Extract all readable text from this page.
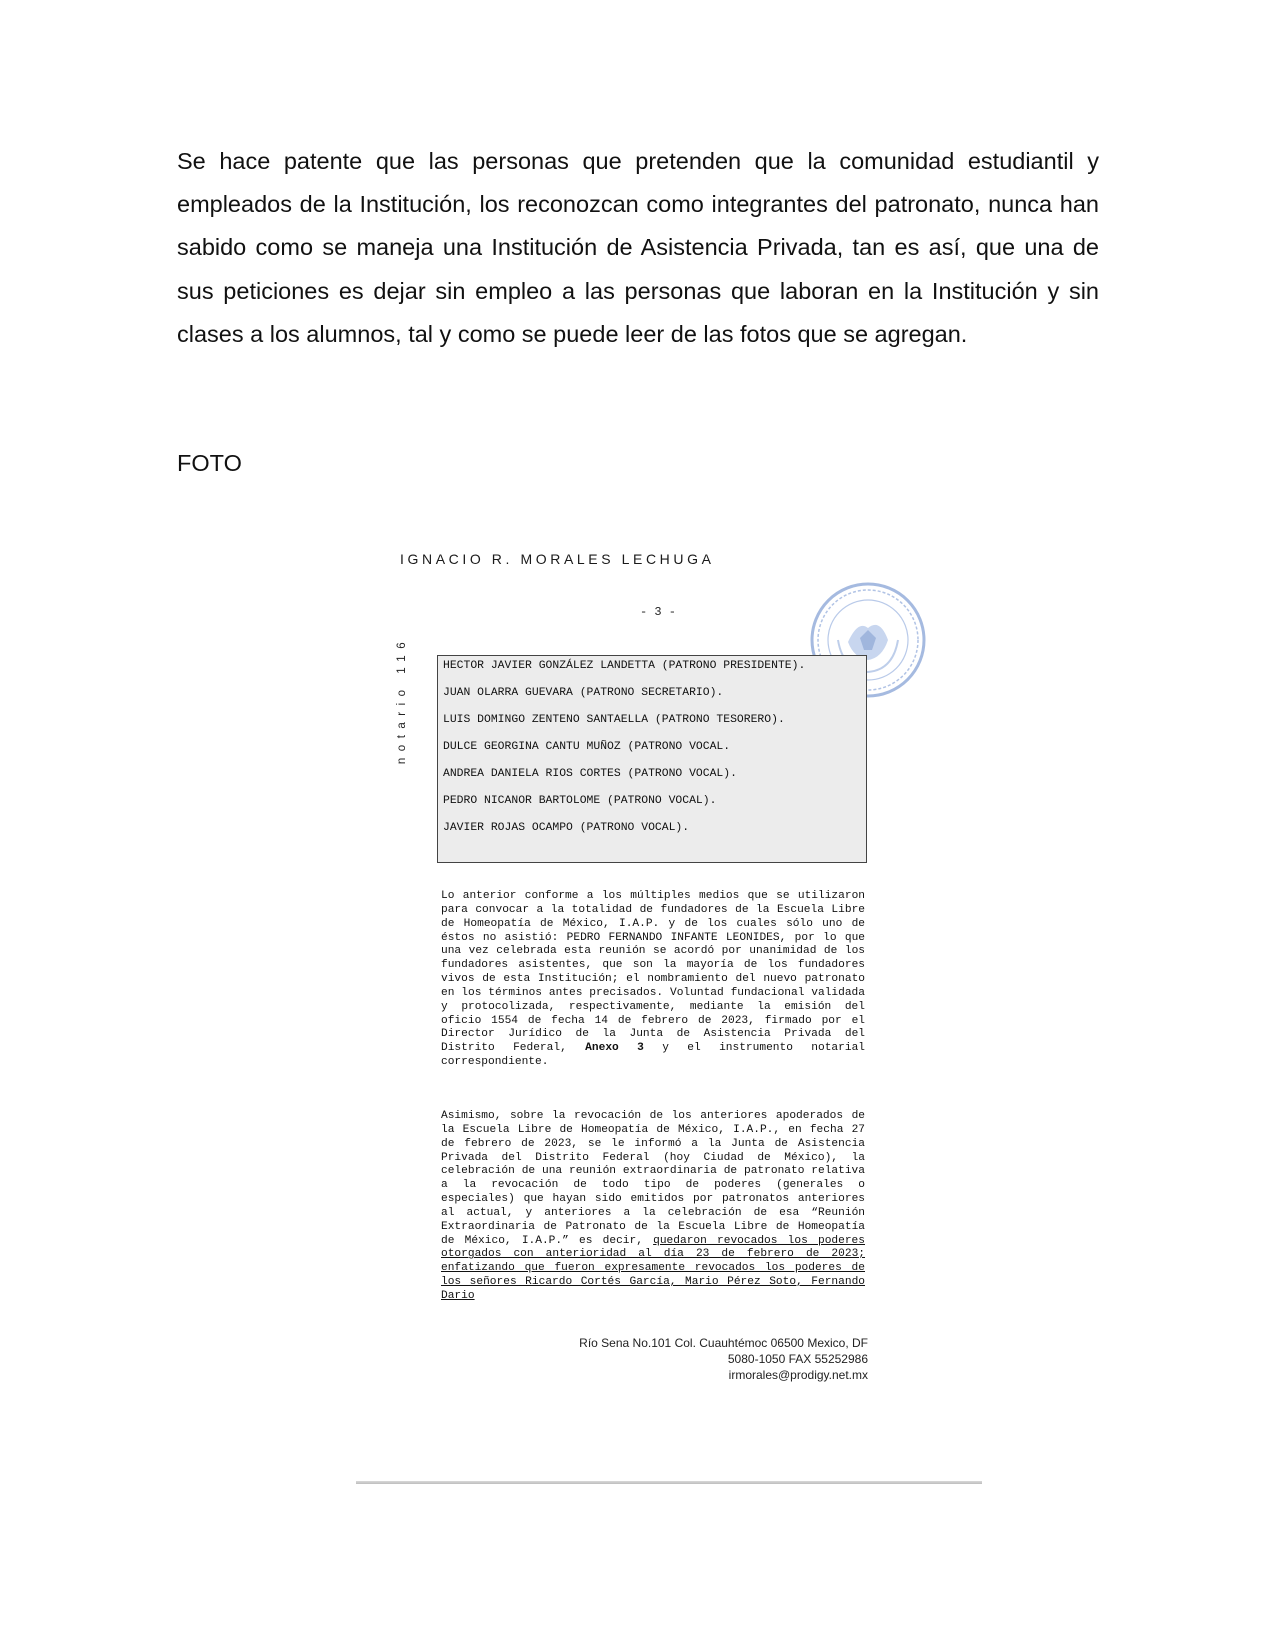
Se hace patente que las personas que pretenden que la comunidad estudiantil y empleados de la Institución, los reconozcan como integrantes del patronato, nunca han sabido como se maneja una Institución de Asistencia Privada, tan es así, que una de sus peticiones es dejar sin empleo a las personas que laboran en la Institución y sin clases a los alumnos, tal y como se puede leer de las fotos que se agregan.

FOTO

IGNACIO R. MORALES LECHUGA
notario 116
- 3 -
HECTOR JAVIER GONZÁLEZ LANDETTA (PATRONO PRESIDENTE).
JUAN OLARRA GUEVARA (PATRONO SECRETARIO).
LUIS DOMINGO ZENTENO SANTAELLA (PATRONO TESORERO).
DULCE GEORGINA CANTU MUÑOZ (PATRONO VOCAL.
ANDREA DANIELA RIOS CORTES (PATRONO VOCAL).
PEDRO NICANOR BARTOLOME (PATRONO VOCAL).
JAVIER ROJAS OCAMPO (PATRONO VOCAL).

Lo anterior conforme a los múltiples medios que se utilizaron para convocar a la totalidad de fundadores de la Escuela Libre de Homeopatía de México, I.A.P. y de los cuales sólo uno de éstos no asistió: PEDRO FERNANDO INFANTE LEONIDES, por lo que una vez celebrada esta reunión se acordó por unanimidad de los fundadores asistentes, que son la mayoría de los fundadores vivos de esta Institución; el nombramiento del nuevo patronato en los términos antes precisados. Voluntad fundacional validada y protocolizada, respectivamente, mediante la emisión del oficio 1554 de fecha 14 de febrero de 2023, firmado por el Director Jurídico de la Junta de Asistencia Privada del Distrito Federal, Anexo 3 y el instrumento notarial correspondiente.

Asimismo, sobre la revocación de los anteriores apoderados de la Escuela Libre de Homeopatía de México, I.A.P., en fecha 27 de febrero de 2023, se le informó a la Junta de Asistencia Privada del Distrito Federal (hoy Ciudad de México), la celebración de una reunión extraordinaria de patronato relativa a la revocación de todo tipo de poderes (generales o especiales) que hayan sido emitidos por patronatos anteriores al actual, y anteriores a la celebración de esa “Reunión Extraordinaria de Patronato de la Escuela Libre de Homeopatía de México, I.A.P.” es decir, quedaron revocados los poderes otorgados con anterioridad al día 23 de febrero de 2023; enfatizando que fueron expresamente revocados los poderes de los señores Ricardo Cortés García, Mario Pérez Soto, Fernando Dario

Río Sena No.101 Col. Cuauhtémoc 06500 Mexico, DF
5080-1050 FAX 55252986
irmorales@prodigy.net.mx
